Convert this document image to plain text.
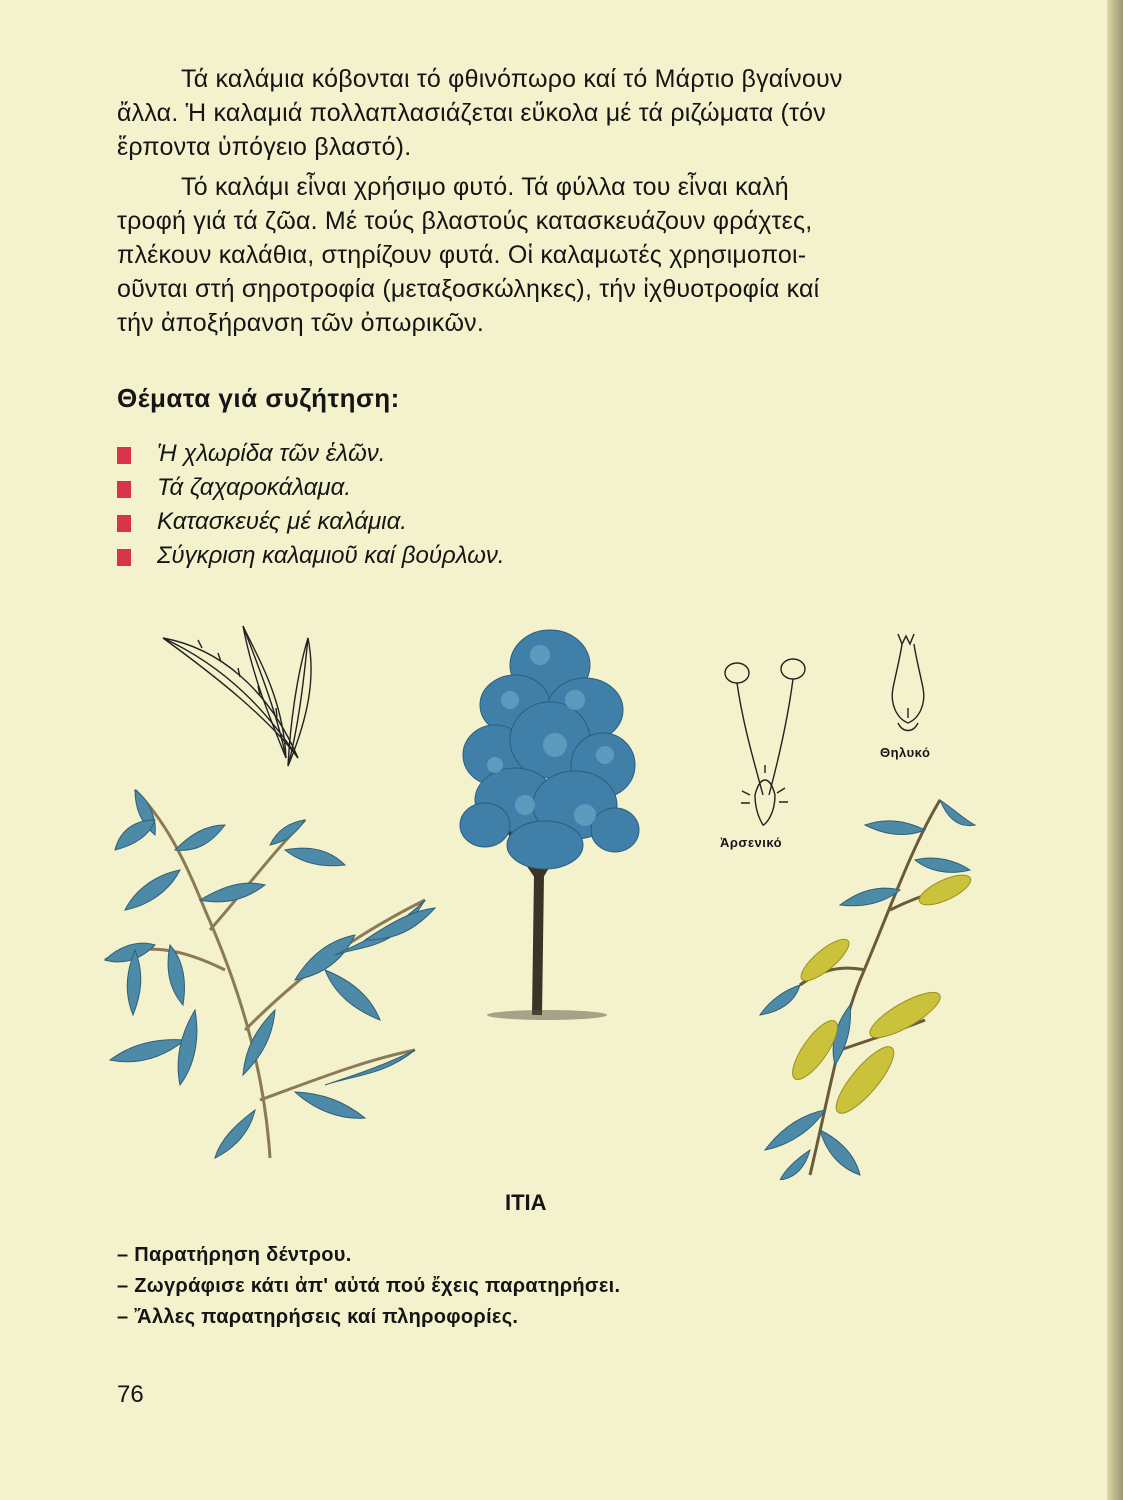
Τά καλάμια κόβονται τό φθινόπωρο καί τό Μάρτιο βγαίνουν
ἄλλα. Ἡ καλαμιά πολλαπλασιάζεται εὔκολα μέ τά ριζώματα (τόν
ἕρποντα ὑπόγειο βλαστό).
Τό καλάμι εἶναι χρήσιμο φυτό. Τά φύλλα του εἶναι καλή
τροφή γιά τά ζῶα. Μέ τούς βλαστούς κατασκευάζουν φράχτες,
πλέκουν καλάθια, στηρίζουν φυτά. Οἱ καλαμωτές χρησιμοποι-
οῦνται στή σηροτροφία (μεταξοσκώληκες), τήν ἰχθυοτροφία καί
τήν ἀποξήρανση τῶν ὀπωρικῶν.
Θέματα γιά συζήτηση:
Ἡ χλωρίδα τῶν ἑλῶν.
Τά ζαχαροκάλαμα.
Κατασκευές μέ καλάμια.
Σύγκριση καλαμιοῦ καί βούρλων.
Ἀρσενικό
Θηλυκό
ΙΤΙΑ
– Παρατήρηση δέντρου.
– Ζωγράφισε κάτι ἀπ' αὐτά πού ἔχεις παρατηρήσει.
– Ἄλλες παρατηρήσεις καί πληροφορίες.
76
